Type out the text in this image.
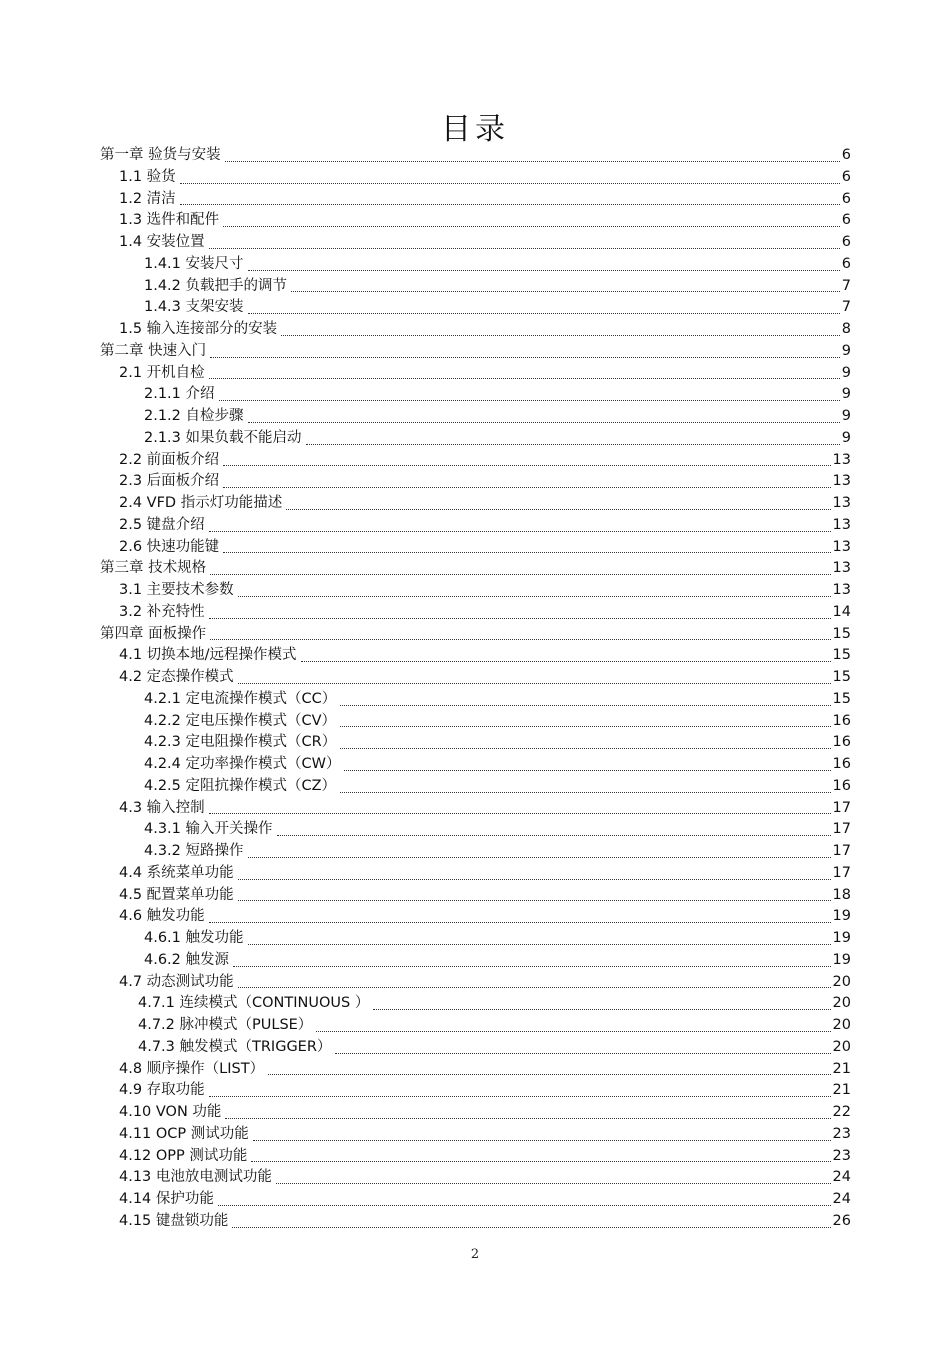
目录
第一章 验货与安装	6
1.1 验货	6
1.2 清洁	6
1.3 选件和配件	6
1.4 安装位置	6
1.4.1 安装尺寸	6
1.4.2 负载把手的调节	7
1.4.3 支架安装	7
1.5 输入连接部分的安装	8
第二章 快速入门	9
2.1 开机自检	9
2.1.1 介绍	9
2.1.2 自检步骤	9
2.1.3 如果负载不能启动	9
2.2 前面板介绍	13
2.3 后面板介绍	13
2.4 VFD 指示灯功能描述	13
2.5 键盘介绍	13
2.6 快速功能键	13
第三章 技术规格	13
3.1 主要技术参数	13
3.2 补充特性	14
第四章 面板操作	15
4.1 切换本地/远程操作模式	15
4.2 定态操作模式	15
4.2.1 定电流操作模式（CC）	15
4.2.2 定电压操作模式（CV）	16
4.2.3 定电阻操作模式（CR）	16
4.2.4 定功率操作模式（CW）	16
4.2.5 定阻抗操作模式（CZ）	16
4.3 输入控制	17
4.3.1 输入开关操作	17
4.3.2 短路操作	17
4.4 系统菜单功能	17
4.5 配置菜单功能	18
4.6 触发功能	19
4.6.1 触发功能	19
4.6.2 触发源	19
4.7 动态测试功能	20
4.7.1 连续模式（CONTINUOUS ）	20
4.7.2 脉冲模式（PULSE）	20
4.7.3 触发模式（TRIGGER）	20
4.8 顺序操作（LIST）	21
4.9 存取功能	21
4.10 VON 功能	22
4.11 OCP 测试功能	23
4.12 OPP 测试功能	23
4.13 电池放电测试功能	24
4.14 保护功能	24
4.15 键盘锁功能	26
2
